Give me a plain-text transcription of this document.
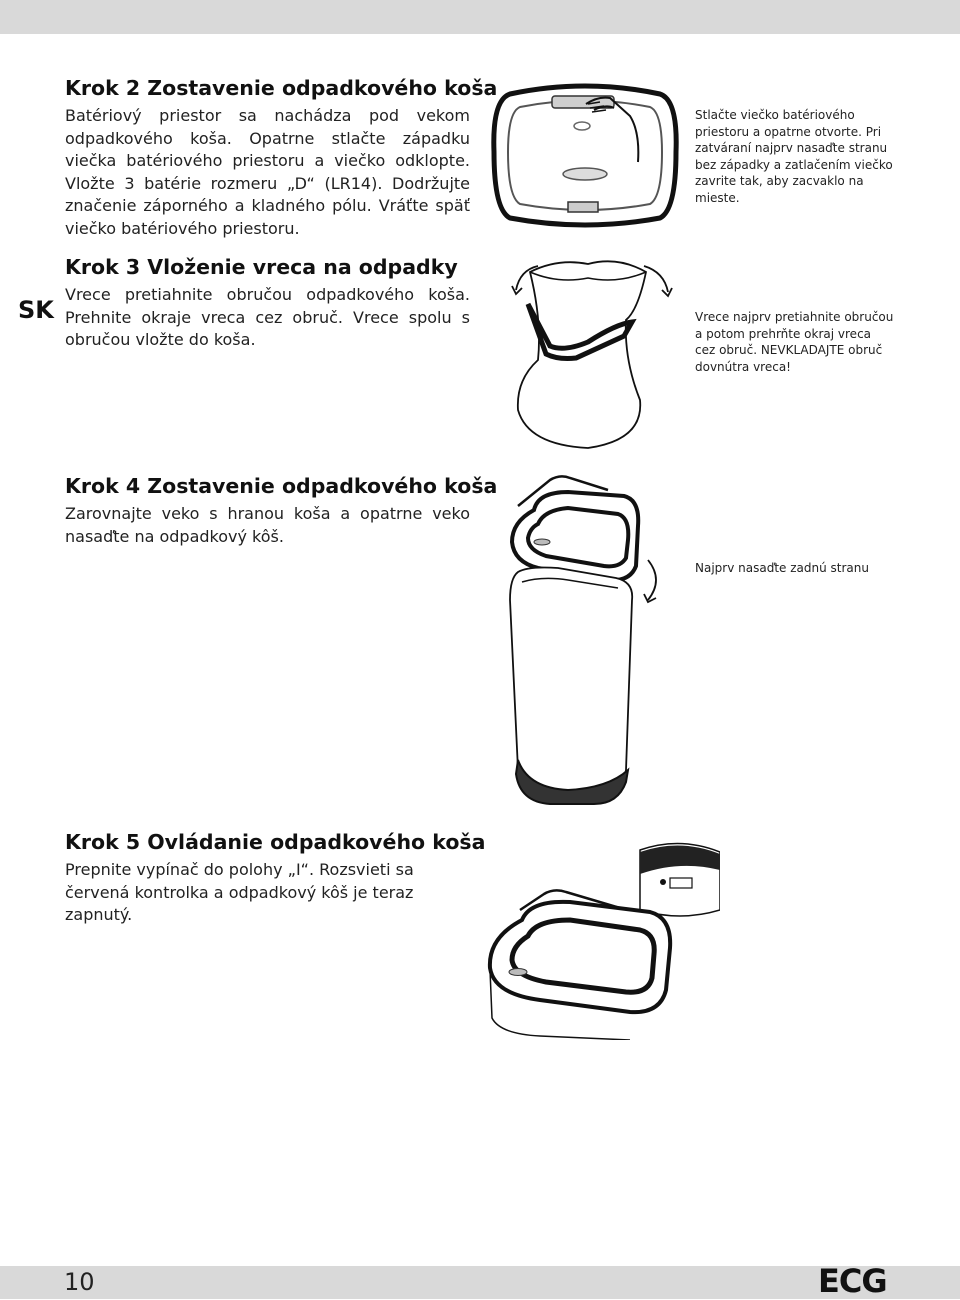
SK
Krok 2 Zostavenie odpadkového koša

Batériový priestor sa nachádza pod vekom odpadkového koša. Opatrne stlačte západku viečka batériového priestoru a viečko odklopte. Vložte 3 batérie rozmeru „D“ (LR14). Dodržujte značenie záporného a kladného pólu. Vráťte späť viečko batériového priestoru.

Stlačte viečko batériového priestoru a opatrne otvorte. Pri zatváraní najprv nasaďte stranu bez západky a zatlačením viečko zavrite tak, aby zacvaklo na mieste.

Krok 3 Vloženie vreca na odpadky

Vrece pretiahnite obručou odpadkového koša. Prehnite okraje vreca cez obruč. Vrece spolu s obručou vložte do koša.

Vrece najprv pretiahnite obručou a potom prehrňte okraj vreca cez obruč. NEVKLADAJTE obruč dovnútra vreca!

Krok 4 Zostavenie odpadkového koša

Zarovnajte veko s hranou koša a opatrne veko nasaďte na odpadkový kôš.

Najprv nasaďte zadnú stranu

Krok 5 Ovládanie odpadkového koša

Prepnite vypínač do polohy „I“. Rozsvieti sa červená kontrolka a odpadkový kôš je teraz zapnutý.

10	ECG
